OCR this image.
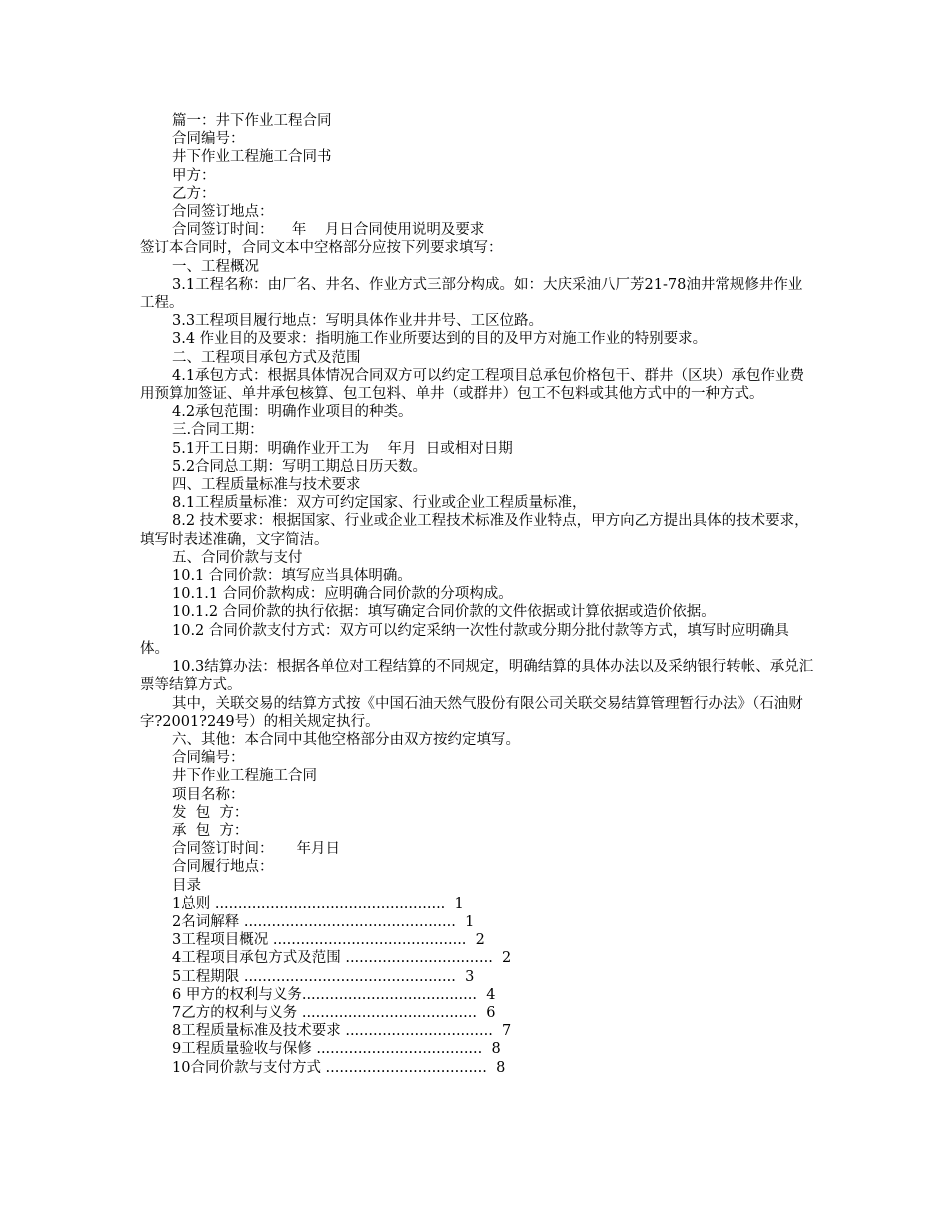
篇一：井下作业工程合同

合同编号：

井下作业工程施工合同书

甲方：

乙方：

合同签订地点：

合同签订时间：    年    月日合同使用说明及要求

签订本合同时，合同文本中空格部分应按下列要求填写：

一、工程概况

3.1工程名称：由厂名、井名、作业方式三部分构成。如：大庆采油八厂芳21-78油井常规修井作业工程。

3.3工程项目履行地点：写明具体作业井井号、工区位路。

3.4 作业目的及要求：指明施工作业所要达到的目的及甲方对施工作业的特别要求。

二、工程项目承包方式及范围

4.1承包方式：根据具体情况合同双方可以约定工程项目总承包价格包干、群井（区块）承包作业费用预算加签证、单井承包核算、包工包料、单井（或群井）包工不包料或其他方式中的一种方式。

4.2承包范围：明确作业项目的种类。

三.合同工期：

5.1开工日期：明确作业开工为    年月  日或相对日期

5.2合同总工期：写明工期总日历天数。

四、工程质量标准与技术要求

8.1工程质量标准：双方可约定国家、行业或企业工程质量标准，

8.2 技术要求：根据国家、行业或企业工程技术标准及作业特点，甲方向乙方提出具体的技术要求，填写时表述准确，文字简洁。

五、合同价款与支付

10.1 合同价款：填写应当具体明确。

10.1.1 合同价款构成：应明确合同价款的分项构成。

10.1.2 合同价款的执行依据：填写确定合同价款的文件依据或计算依据或造价依据。

10.2 合同价款支付方式：双方可以约定采纳一次性付款或分期分批付款等方式，填写时应明确具体。

10.3结算办法：根据各单位对工程结算的不同规定，明确结算的具体办法以及采纳银行转帐、承兑汇票等结算方式。

其中，关联交易的结算方式按《中国石油天然气股份有限公司关联交易结算管理暂行办法》（石油财字?2001?249号）的相关规定执行。

六、其他：本合同中其他空格部分由双方按约定填写。

合同编号：

井下作业工程施工合同

项目名称：

发  包  方：

承  包  方：

合同签订时间：     年月日

合同履行地点：

目录

1总则 ..................................................  1
2名词解释 ..............................................  1
3工程项目概况 ..........................................  2
4工程项目承包方式及范围 ................................  2
5工程期限 ..............................................  3
6 甲方的权利与义务......................................  4
7乙方的权利与义务 ......................................  6
8工程质量标准及技术要求 ................................  7
9工程质量验收与保修 ....................................  8
10合同价款与支付方式 ...................................  8
